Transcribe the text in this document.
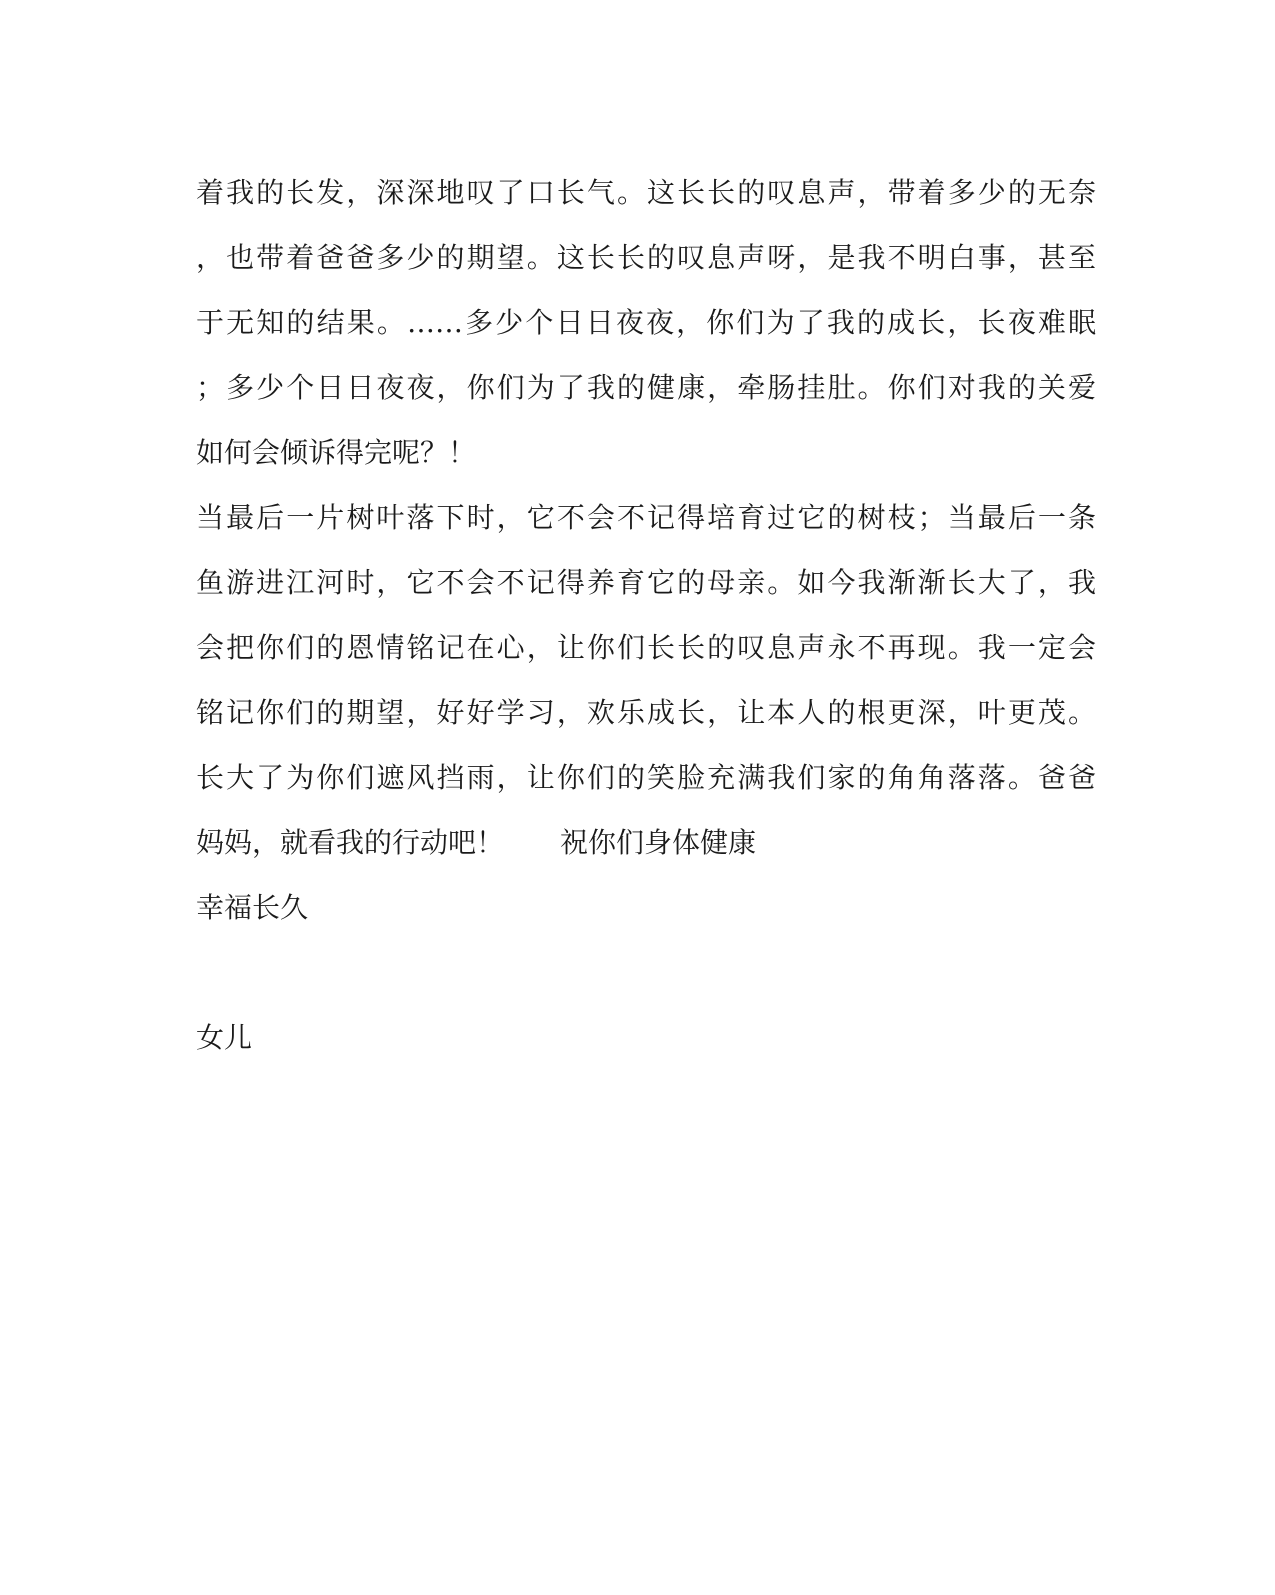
着我的长发，深深地叹了口长气。这长长的叹息声，带着多少的无奈
，也带着爸爸多少的期望。这长长的叹息声呀，是我不明白事，甚至
于无知的结果。……多少个日日夜夜，你们为了我的成长，长夜难眠
；多少个日日夜夜，你们为了我的健康，牵肠挂肚。你们对我的关爱
如何会倾诉得完呢？！
当最后一片树叶落下时，它不会不记得培育过它的树枝；当最后一条
鱼游进江河时，它不会不记得养育它的母亲。如今我渐渐长大了，我
会把你们的恩情铭记在心，让你们长长的叹息声永不再现。我一定会
铭记你们的期望，好好学习，欢乐成长，让本人的根更深，叶更茂。
长大了为你们遮风挡雨，让你们的笑脸充满我们家的角角落落。爸爸
妈妈，就看我的行动吧！ 祝你们身体健康
幸福长久
女儿
